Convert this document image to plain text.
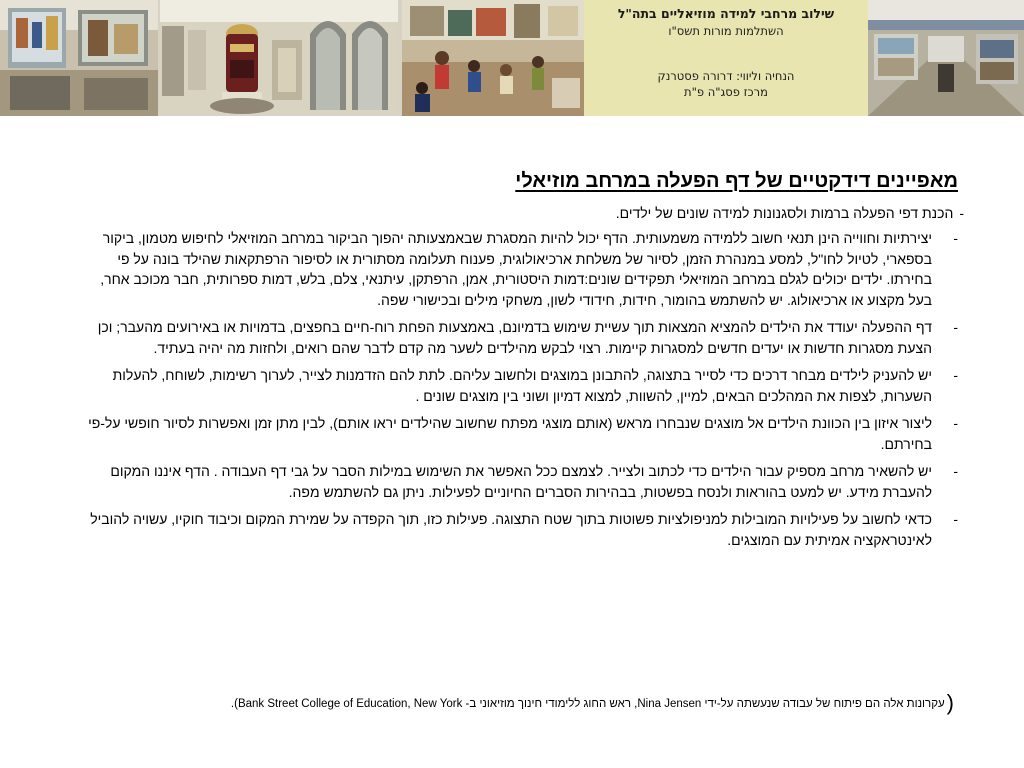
שילוב מרחבי למידה מוזיאליים בתה"ל
השתלמות מורות תשס"ו
הנחיה וליווי: דרורה פסטרנק
מרכז פסג"ה פ"ת
מאפיינים דידקטיים של דף הפעלה במרחב מוזיאלי
-הכנת דפי הפעלה ברמות ולסגנונות למידה שונים של ילדים.
-
יצירתיות וחווייה הינן תנאי חשוב ללמידה משמעותית. הדף יכול להיות המסגרת שבאמצעותה יהפוך הביקור במרחב המוזיאלי לחיפוש מטמון, ביקור בספארי, לטיול לחו"ל, למסע במנהרת הזמן, לסיור של משלחת ארכיאולוגית, פענוח תעלומה מסתורית או לסיפור הרפתקאות שהילד בונה על פי בחירתו. ילדים יכולים לגלם במרחב המוזיאלי תפקידים שונים:דמות היסטורית, אמן, הרפתקן, עיתנאי, צלם, בלש, דמות ספרותית, חבר מכוכב אחר, בעל מקצוע או ארכיאולוג. יש להשתמש בהומור, חידות, חידודי לשון, משחקי מילים ובכישורי שפה.
-
דף ההפעלה יעודד את הילדים להמציא המצאות תוך עשיית שימוש בדמיונם, באמצעות הפחת רוח-חיים בחפצים, בדמויות או באירועים מהעבר; וכן הצעת מסגרות חדשות או יעדים חדשים למסגרות קיימות. רצוי לבקש מהילדים לשער מה קדם לדבר שהם רואים, ולחזות מה יהיה בעתיד.
-
יש להעניק לילדים מבחר דרכים כדי לסייר בתצוגה, להתבונן במוצגים ולחשוב עליהם. לתת להם הזדמנות לצייר, לערוך רשימות, לשוחח, להעלות השערות, לצפות את המהלכים הבאים, למיין, להשוות, למצוא דמיון ושוני בין מוצגים שונים .
-
ליצור איזון בין הכוונת הילדים אל מוצגים שנבחרו מראש (אותם מוצגי מפתח שחשוב שהילדים יראו אותם), לבין מתן זמן ואפשרות לסיור חופשי על-פי בחירתם.
-
יש להשאיר מרחב מספיק עבור הילדים כדי לכתוב ולצייר. לצמצם ככל האפשר את השימוש במילות הסבר על גבי דף העבודה . הדף איננו המקום להעברת מידע. יש למעט בהוראות ולנסח בפשטות, בבהירות הסברים החיוניים לפעילות. ניתן גם להשתמש מפה.
-
כדאי לחשוב על פעילויות המובילות למניפולציות פשוטות בתוך שטח התצוגה. פעילות כזו, תוך הקפדה על שמירת המקום וכיבוד חוקיו, עשויה להוביל לאינטראקציה אמיתית עם המוצגים.
(עקרונות אלה הם פיתוח של עבודה שנעשתה על-ידי Nina Jensen, ראש החוג ללימודי חינוך מוזיאוני ב- Bank Street College of Education, New York).
